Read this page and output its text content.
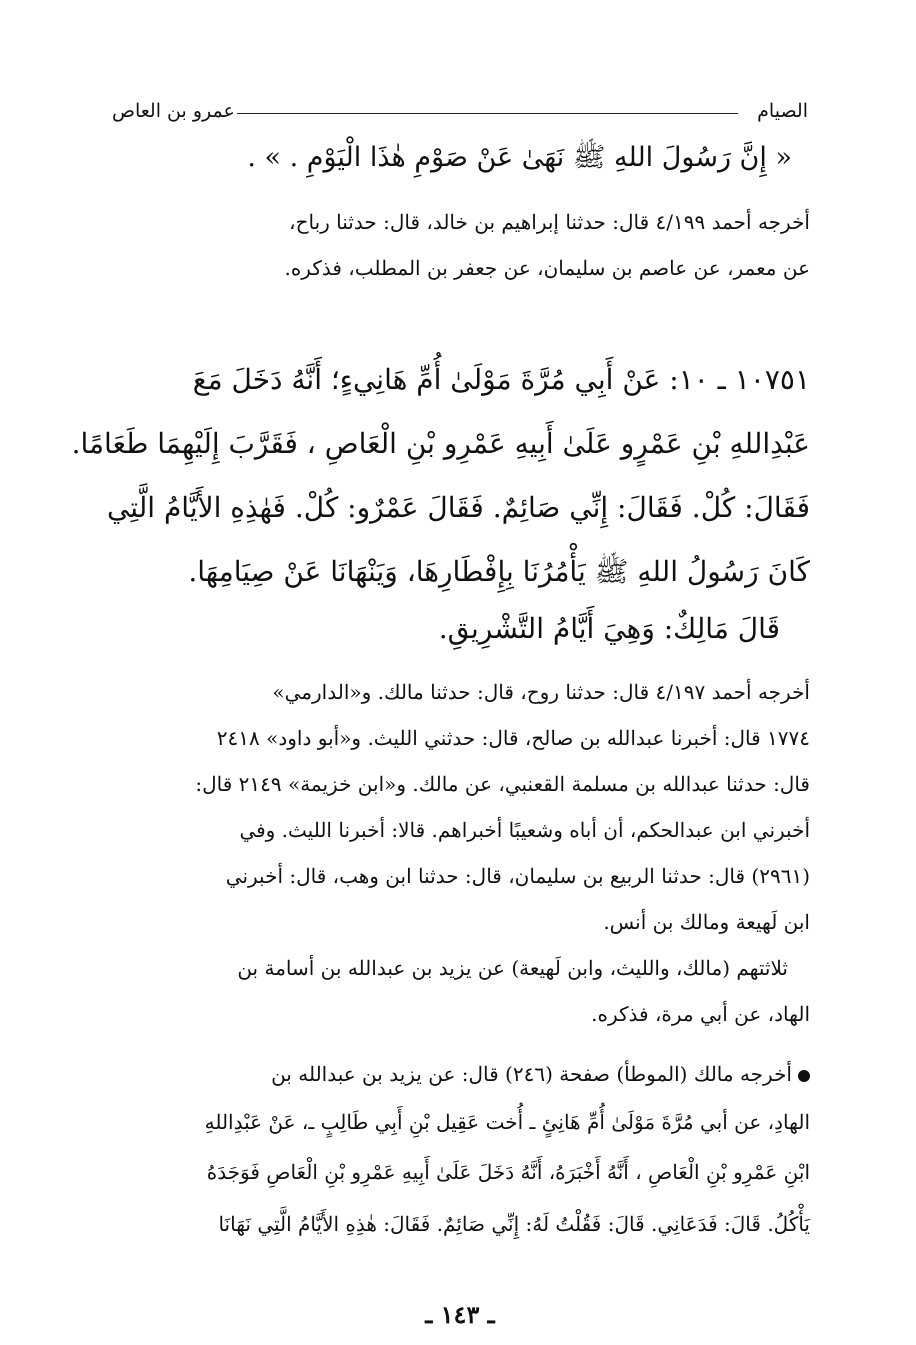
الصيام
عمرو بن العاص
« إِنَّ رَسُولَ اللهِ ﷺ نَهَىٰ عَنْ صَوْمِ هٰذَا الْيَوْمِ . » .
أخرجه أحمد ٤/١٩٩ قال: حدثنا إبراهيم بن خالد، قال: حدثنا رباح،
عن معمر، عن عاصم بن سليمان، عن جعفر بن المطلب، فذكره.
١٠٧٥١ ـ ١٠: عَنْ أَبِي مُرَّةَ مَوْلَىٰ أُمِّ هَانِيءٍ؛ أَنَّهُ دَخَلَ مَعَ
عَبْدِاللهِ بْنِ عَمْرٍو عَلَىٰ أَبِيهِ عَمْرِو بْنِ الْعَاصِ ، فَقَرَّبَ إِلَيْهِمَا طَعَامًا.
فَقَالَ: كُلْ. فَقَالَ: إِنِّي صَائِمٌ. فَقَالَ عَمْرٌو: كُلْ. فَهٰذِهِ الأَيَّامُ الَّتِي
كَانَ رَسُولُ اللهِ ﷺ يَأْمُرُنَا بِإِفْطَارِهَا، وَيَنْهَانَا عَنْ صِيَامِهَا.
قَالَ مَالِكٌ: وَهِيَ أَيَّامُ التَّشْرِيقِ.
أخرجه أحمد ٤/١٩٧ قال: حدثنا روح، قال: حدثنا مالك. و«الدارمي»
١٧٧٤ قال: أخبرنا عبدالله بن صالح، قال: حدثني الليث. و«أبو داود» ٢٤١٨
قال: حدثنا عبدالله بن مسلمة القعنبي، عن مالك. و«ابن خزيمة» ٢١٤٩ قال:
أخبرني ابن عبدالحكم، أن أباه وشعيبًا أخبراهم. قالا: أخبرنا الليث. وفي
(٢٩٦١) قال: حدثنا الربيع بن سليمان، قال: حدثنا ابن وهب، قال: أخبرني
ابن لَهيعة ومالك بن أنس.
ثلاثتهم (مالك، والليث، وابن لَهيعة) عن يزيد بن عبدالله بن أسامة بن
الهاد، عن أبي مرة، فذكره.
أخرجه مالك (الموطأ) صفحة (٢٤٦) قال: عن يزيد بن عبدالله بن
الهادِ، عن أبي مُرَّةَ مَوْلَىٰ أُمِّ هَانِئٍ ـ أُخت عَقِيل بْنِ أَبِي طَالِبٍ ـ، عَنْ عَبْدِاللهِ
ابْنِ عَمْرِو بْنِ الْعَاصِ ، أَنَّهُ أَخْبَرَهُ، أَنَّهُ دَخَلَ عَلَىٰ أَبِيهِ عَمْرِو بْنِ الْعَاصِ فَوَجَدَهُ
يَأْكُلُ. قَالَ: فَدَعَانِي. قَالَ: فَقُلْتُ لَهُ: إِنِّي صَائِمٌ. فَقَالَ: هٰذِهِ الأَيَّامُ الَّتِي نَهَانَا
ـ ١٤٣ ـ
